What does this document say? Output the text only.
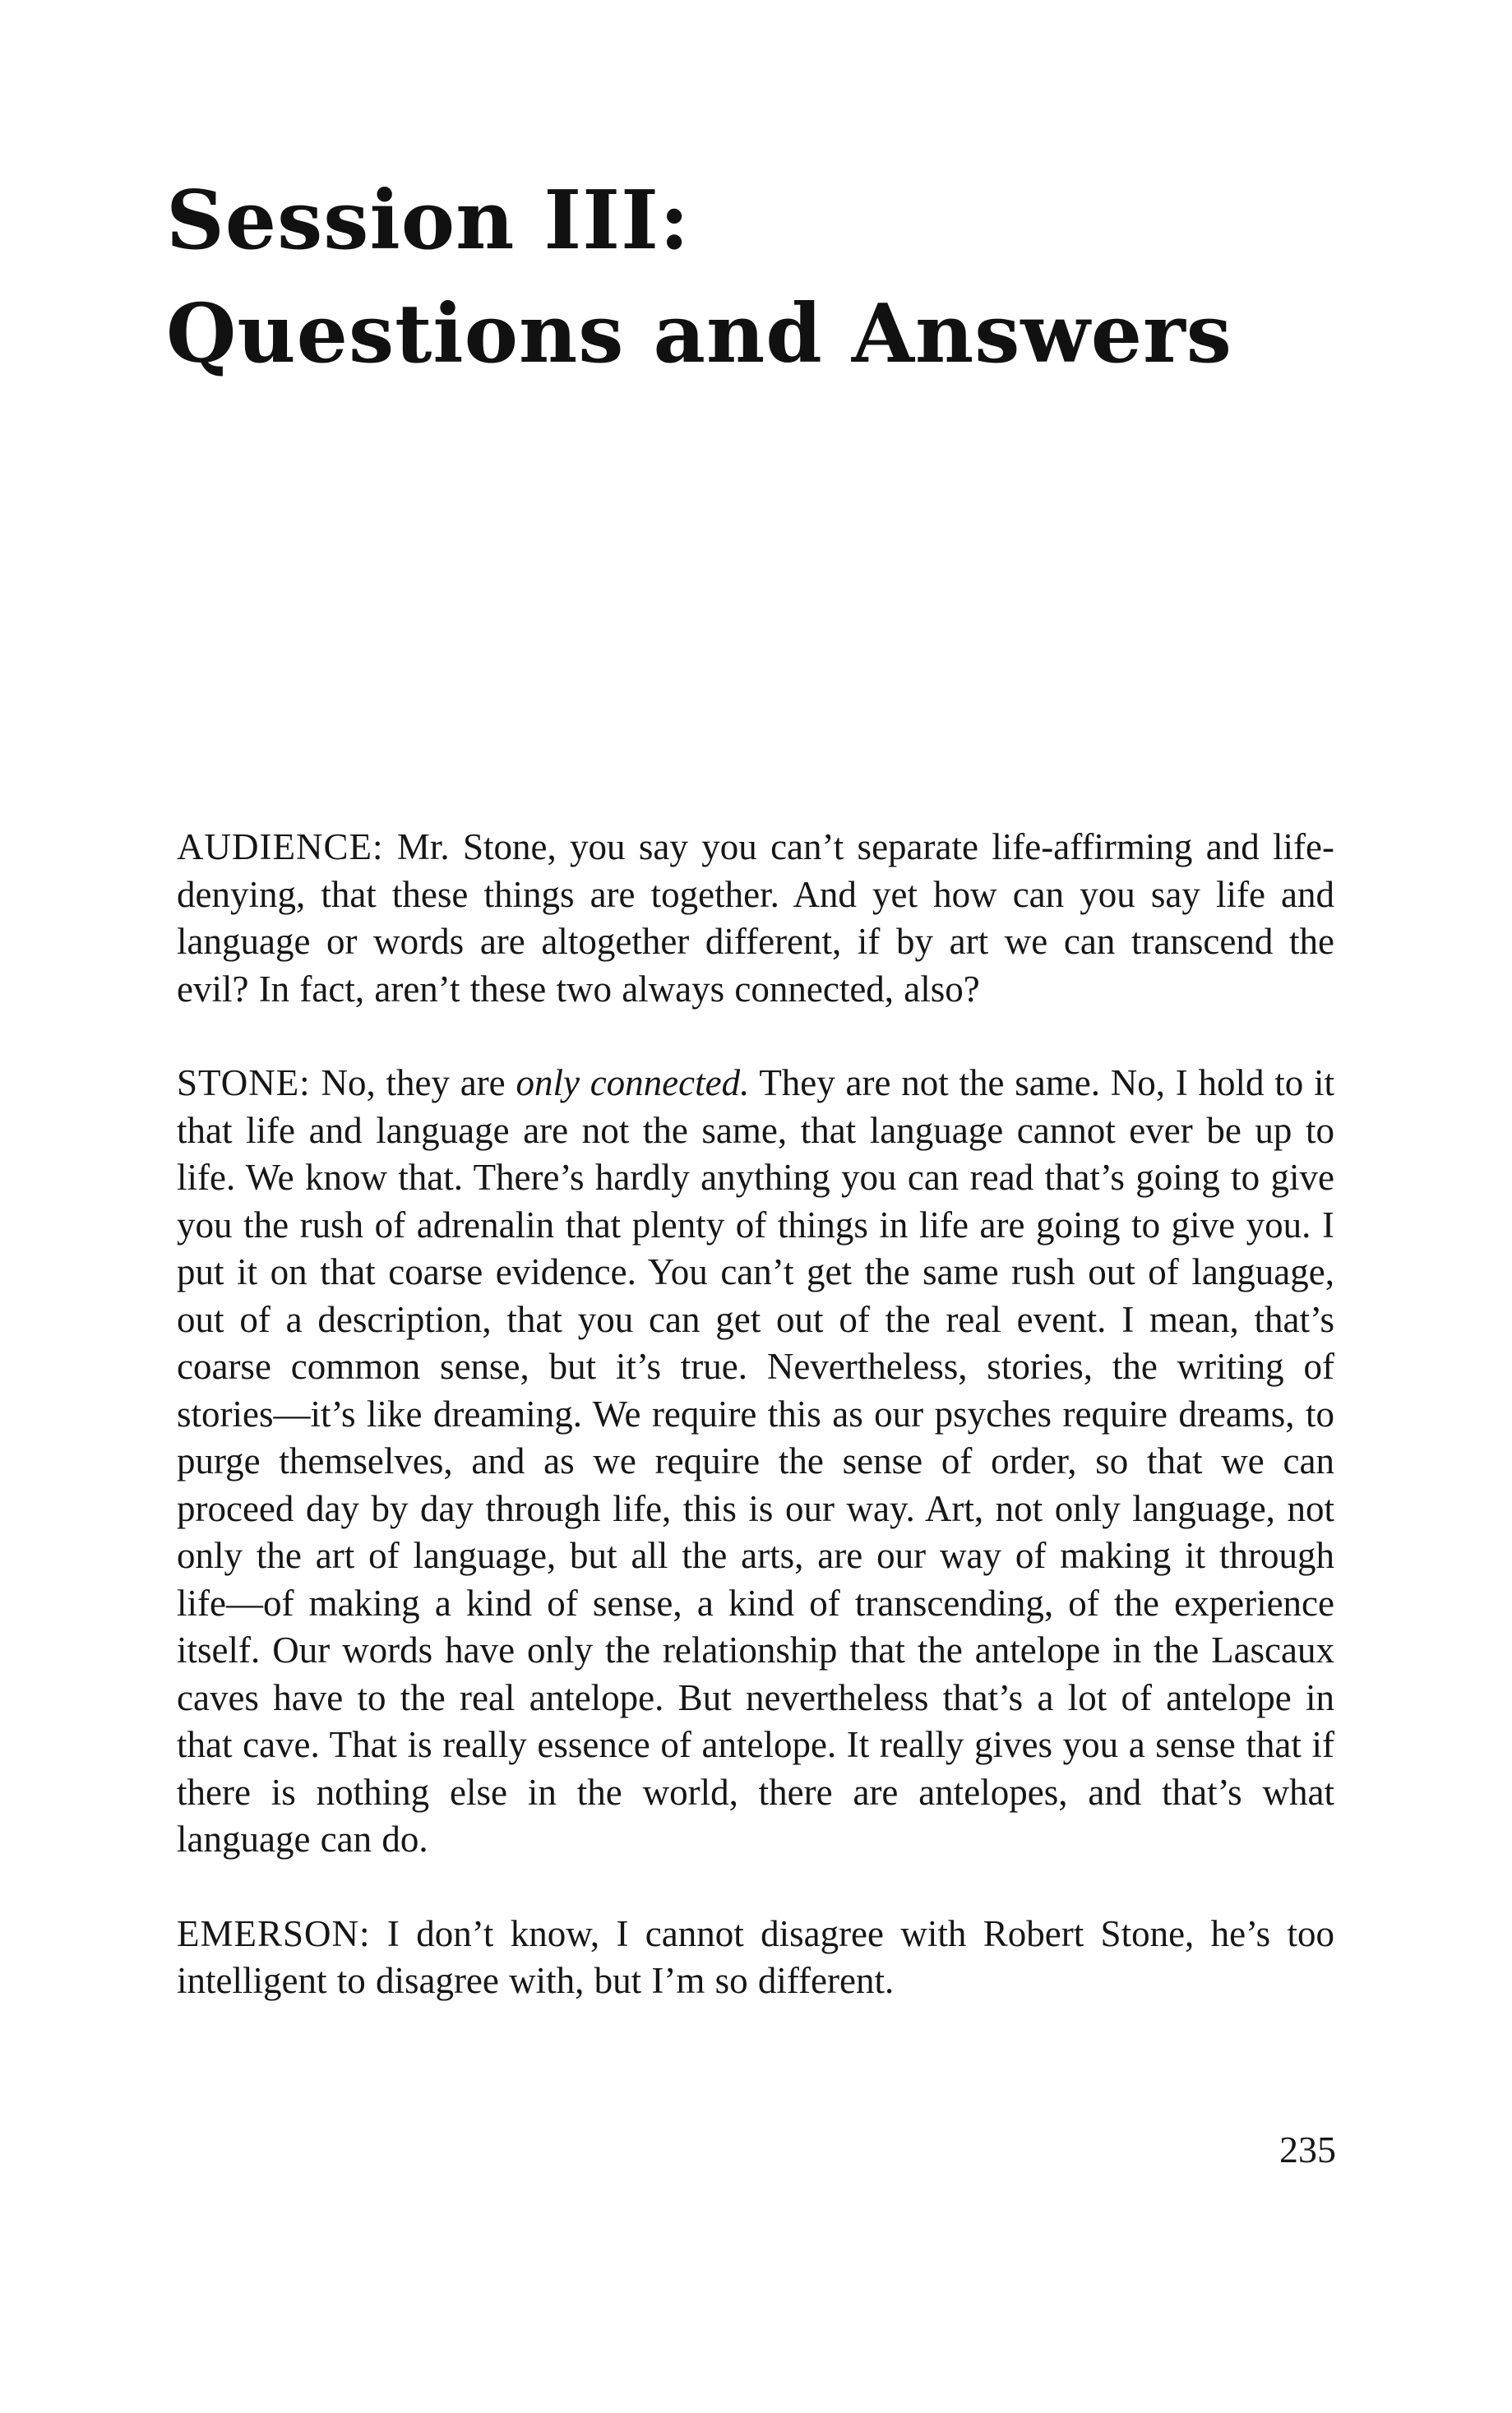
Session III:
Questions and Answers

AUDIENCE: Mr. Stone, you say you can’t separate life-affirming and life-denying, that these things are together. And yet how can you say life and language or words are altogether different, if by art we can transcend the evil? In fact, aren’t these two always connected, also?

STONE: No, they are only connected. They are not the same. No, I hold to it that life and language are not the same, that language cannot ever be up to life. We know that. There’s hardly anything you can read that’s going to give you the rush of adrenalin that plenty of things in life are going to give you. I put it on that coarse evidence. You can’t get the same rush out of language, out of a description, that you can get out of the real event. I mean, that’s coarse common sense, but it’s true. Nevertheless, stories, the writing of stories—it’s like dreaming. We require this as our psyches require dreams, to purge themselves, and as we require the sense of order, so that we can proceed day by day through life, this is our way. Art, not only language, not only the art of language, but all the arts, are our way of making it through life—of making a kind of sense, a kind of transcending, of the experience itself. Our words have only the relationship that the antelope in the Lascaux caves have to the real antelope. But nevertheless that’s a lot of antelope in that cave. That is really essence of antelope. It really gives you a sense that if there is nothing else in the world, there are antelopes, and that’s what language can do.

EMERSON: I don’t know, I cannot disagree with Robert Stone, he’s too intelligent to disagree with, but I’m so different.

235
